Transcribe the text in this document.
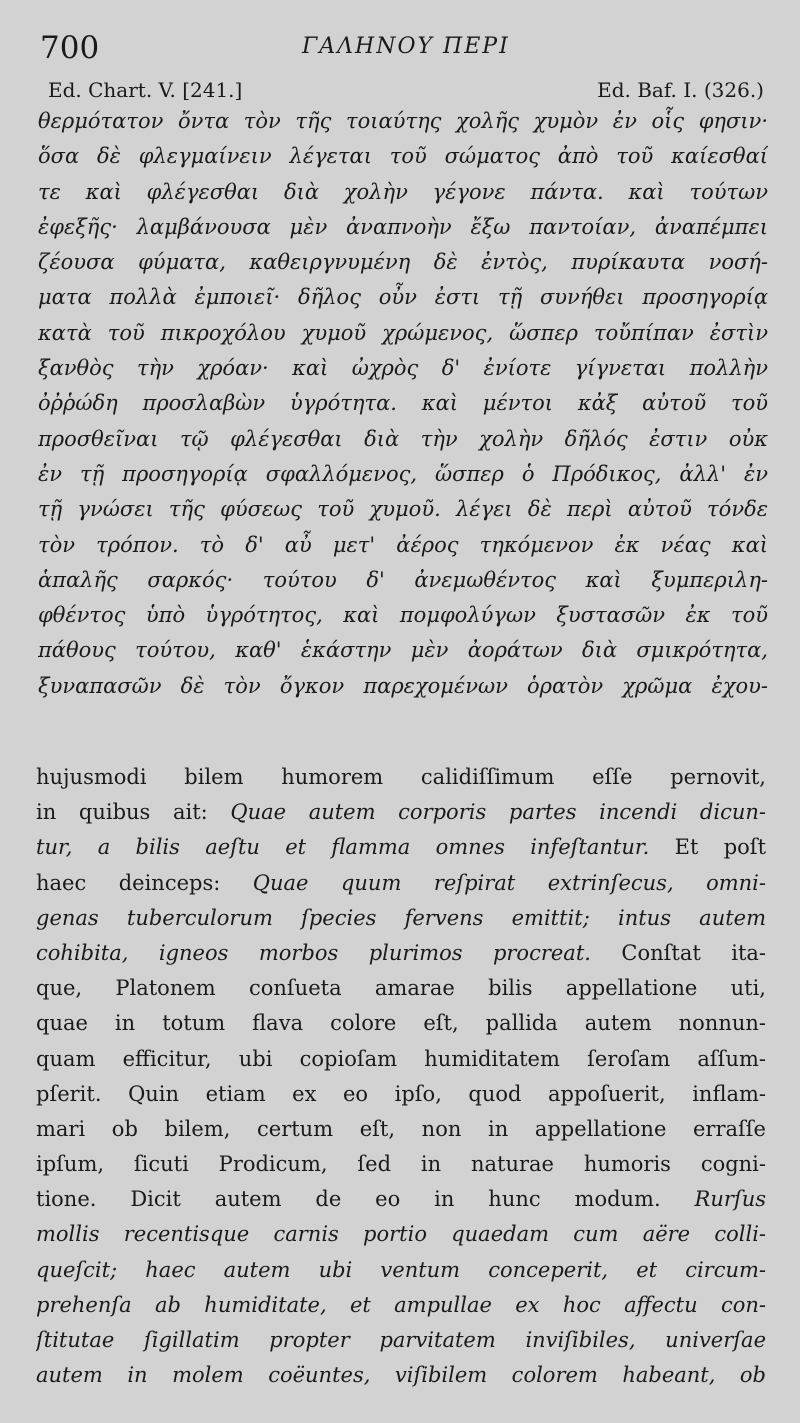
700	ΓΑΛΗΝΟΥ ΠΕΡΙ
Ed. Chart. V. [241.]	Ed. Baf. I. (326.)
θερμότατον ὄντα τὸν τῆς τοιαύτης χολῆς χυμὸν ἐν οἷς φησιν·
ὅσα δὲ φλεγμαίνειν λέγεται τοῦ σώματος ἀπὸ τοῦ καίεσθαί
τε καὶ φλέγεσθαι διὰ χολὴν γέγονε πάντα. καὶ τούτων
ἐφεξῆς· λαμβάνουσα μὲν ἀναπνοὴν ἔξω παντοίαν, ἀναπέμπει
ζέουσα φύματα, καθειργνυμένη δὲ ἐντὸς, πυρίκαυτα νοσή-
ματα πολλὰ ἐμποιεῖ· δῆλος οὖν ἐστι τῇ συνήθει προσηγορίᾳ
κατὰ τοῦ πικροχόλου χυμοῦ χρώμενος, ὥσπερ τοὔπίπαν ἐστὶν
ξανθὸς τὴν χρόαν· καὶ ὠχρὸς δ' ἐνίοτε γίγνεται πολλὴν
ὀῤῥώδη προσλαβὼν ὑγρότητα. καὶ μέντοι κἀξ αὐτοῦ τοῦ
προσθεῖναι τῷ φλέγεσθαι διὰ τὴν χολὴν δῆλός ἐστιν οὐκ
ἐν τῇ προσηγορίᾳ σφαλλόμενος, ὥσπερ ὁ Πρόδικος, ἀλλ' ἐν
τῇ γνώσει τῆς φύσεως τοῦ χυμοῦ. λέγει δὲ περὶ αὐτοῦ τόνδε
τὸν τρόπον. τὸ δ' αὖ μετ' ἀέρος τηκόμενον ἐκ νέας καὶ
ἁπαλῆς σαρκός· τούτου δ' ἀνεμωθέντος καὶ ξυμπεριλη-
φθέντος ὑπὸ ὑγρότητος, καὶ πομφολύγων ξυστασῶν ἐκ τοῦ
πάθους τούτου, καθ' ἑκάστην μὲν ἀοράτων διὰ σμικρότητα,
ξυναπασῶν δὲ τὸν ὄγκον παρεχομένων ὁρατὸν χρῶμα ἐχου-
hujusmodi bilem humorem calidiſſimum eſſe pernovit,
in quibus ait: Quae autem corporis partes incendi dicun-
tur, a bilis aeſtu et flamma omnes infeſtantur. Et poſt
haec deinceps: Quae quum reſpirat extrinſecus, omni-
genas tuberculorum ſpecies fervens emittit; intus autem
cohibita, igneos morbos plurimos procreat. Conſtat ita-
que, Platonem conſueta amarae bilis appellatione uti,
quae in totum flava colore eſt, pallida autem nonnun-
quam efficitur, ubi copioſam humiditatem ſeroſam aſſum-
pſerit. Quin etiam ex eo ipſo, quod appoſuerit, inflam-
mari ob bilem, certum eſt, non in appellatione erraſſe
ipſum, ſicuti Prodicum, ſed in naturae humoris cogni-
tione. Dicit autem de eo in hunc modum. Rurſus
mollis recentisque carnis portio quaedam cum aëre colli-
queſcit; haec autem ubi ventum conceperit, et circum-
prehenſa ab humiditate, et ampullae ex hoc affectu con-
ſtitutae ſigillatim propter parvitatem inviſibiles, univerſae
autem in molem coëuntes, viſibilem colorem habeant, ob
